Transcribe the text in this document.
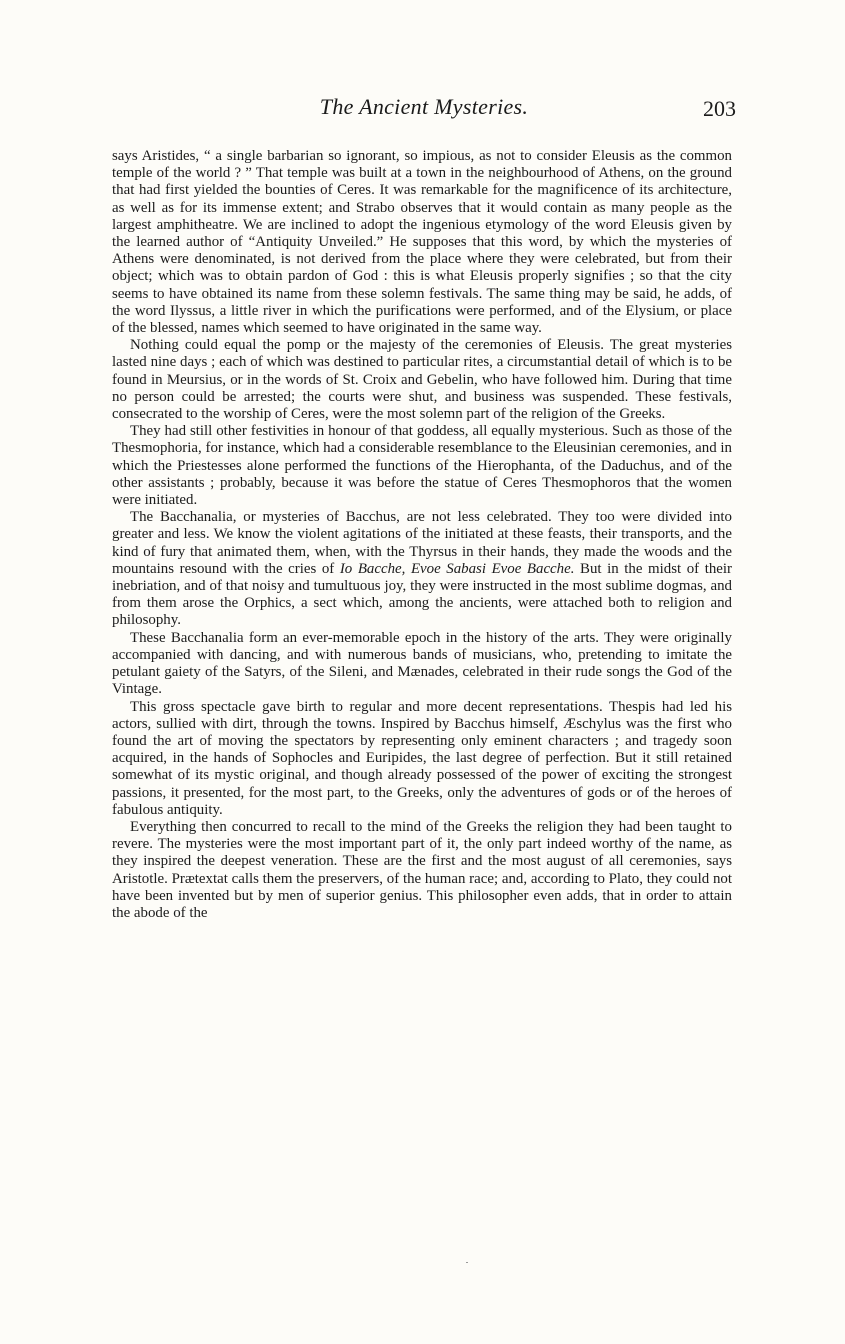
The Ancient Mysteries.	203

says Aristides, “ a single barbarian so ignorant, so impious, as not to consider Eleusis as the common temple of the world ? ” That temple was built at a town in the neighbourhood of Athens, on the ground that had first yielded the bounties of Ceres. It was remarkable for the magnificence of its architecture, as well as for its immense extent; and Strabo observes that it would contain as many people as the largest amphitheatre. We are inclined to adopt the ingenious etymology of the word Eleusis given by the learned author of “Antiquity Unveiled.” He supposes that this word, by which the mysteries of Athens were denominated, is not derived from the place where they were celebrated, but from their object; which was to obtain pardon of God : this is what Eleusis properly signifies ; so that the city seems to have obtained its name from these solemn festivals. The same thing may be said, he adds, of the word Ilyssus, a little river in which the purifications were performed, and of the Elysium, or place of the blessed, names which seemed to have originated in the same way.

Nothing could equal the pomp or the majesty of the ceremonies of Eleusis. The great mysteries lasted nine days ; each of which was destined to particular rites, a circumstantial detail of which is to be found in Meursius, or in the words of St. Croix and Gebelin, who have followed him. During that time no person could be arrested; the courts were shut, and business was suspended. These festivals, consecrated to the worship of Ceres, were the most solemn part of the religion of the Greeks.

They had still other festivities in honour of that goddess, all equally mysterious. Such as those of the Thesmophoria, for instance, which had a considerable resemblance to the Eleusinian ceremonies, and in which the Priestesses alone performed the functions of the Hierophanta, of the Daduchus, and of the other assistants ; probably, because it was before the statue of Ceres Thesmophoros that the women were initiated.

The Bacchanalia, or mysteries of Bacchus, are not less celebrated. They too were divided into greater and less. We know the violent agitations of the initiated at these feasts, their transports, and the kind of fury that animated them, when, with the Thyrsus in their hands, they made the woods and the mountains resound with the cries of Io Bacche, Evoe Sabasi Evoe Bacche. But in the midst of their inebriation, and of that noisy and tumultuous joy, they were instructed in the most sublime dogmas, and from them arose the Orphics, a sect which, among the ancients, were attached both to religion and philosophy.

These Bacchanalia form an ever-memorable epoch in the history of the arts. They were originally accompanied with dancing, and with numerous bands of musicians, who, pretending to imitate the petulant gaiety of the Satyrs, of the Sileni, and Mænades, celebrated in their rude songs the God of the Vintage.

This gross spectacle gave birth to regular and more decent representations. Thespis had led his actors, sullied with dirt, through the towns. Inspired by Bacchus himself, Æschylus was the first who found the art of moving the spectators by representing only eminent characters ; and tragedy soon acquired, in the hands of Sophocles and Euripides, the last degree of perfection. But it still retained somewhat of its mystic original, and though already possessed of the power of exciting the strongest passions, it presented, for the most part, to the Greeks, only the adventures of gods or of the heroes of fabulous antiquity.

Everything then concurred to recall to the mind of the Greeks the religion they had been taught to revere. The mysteries were the most important part of it, the only part indeed worthy of the name, as they inspired the deepest veneration. These are the first and the most august of all ceremonies, says Aristotle. Prætextat calls them the preservers, of the human race; and, according to Plato, they could not have been invented but by men of superior genius. This philosopher even adds, that in order to attain the abode of the
